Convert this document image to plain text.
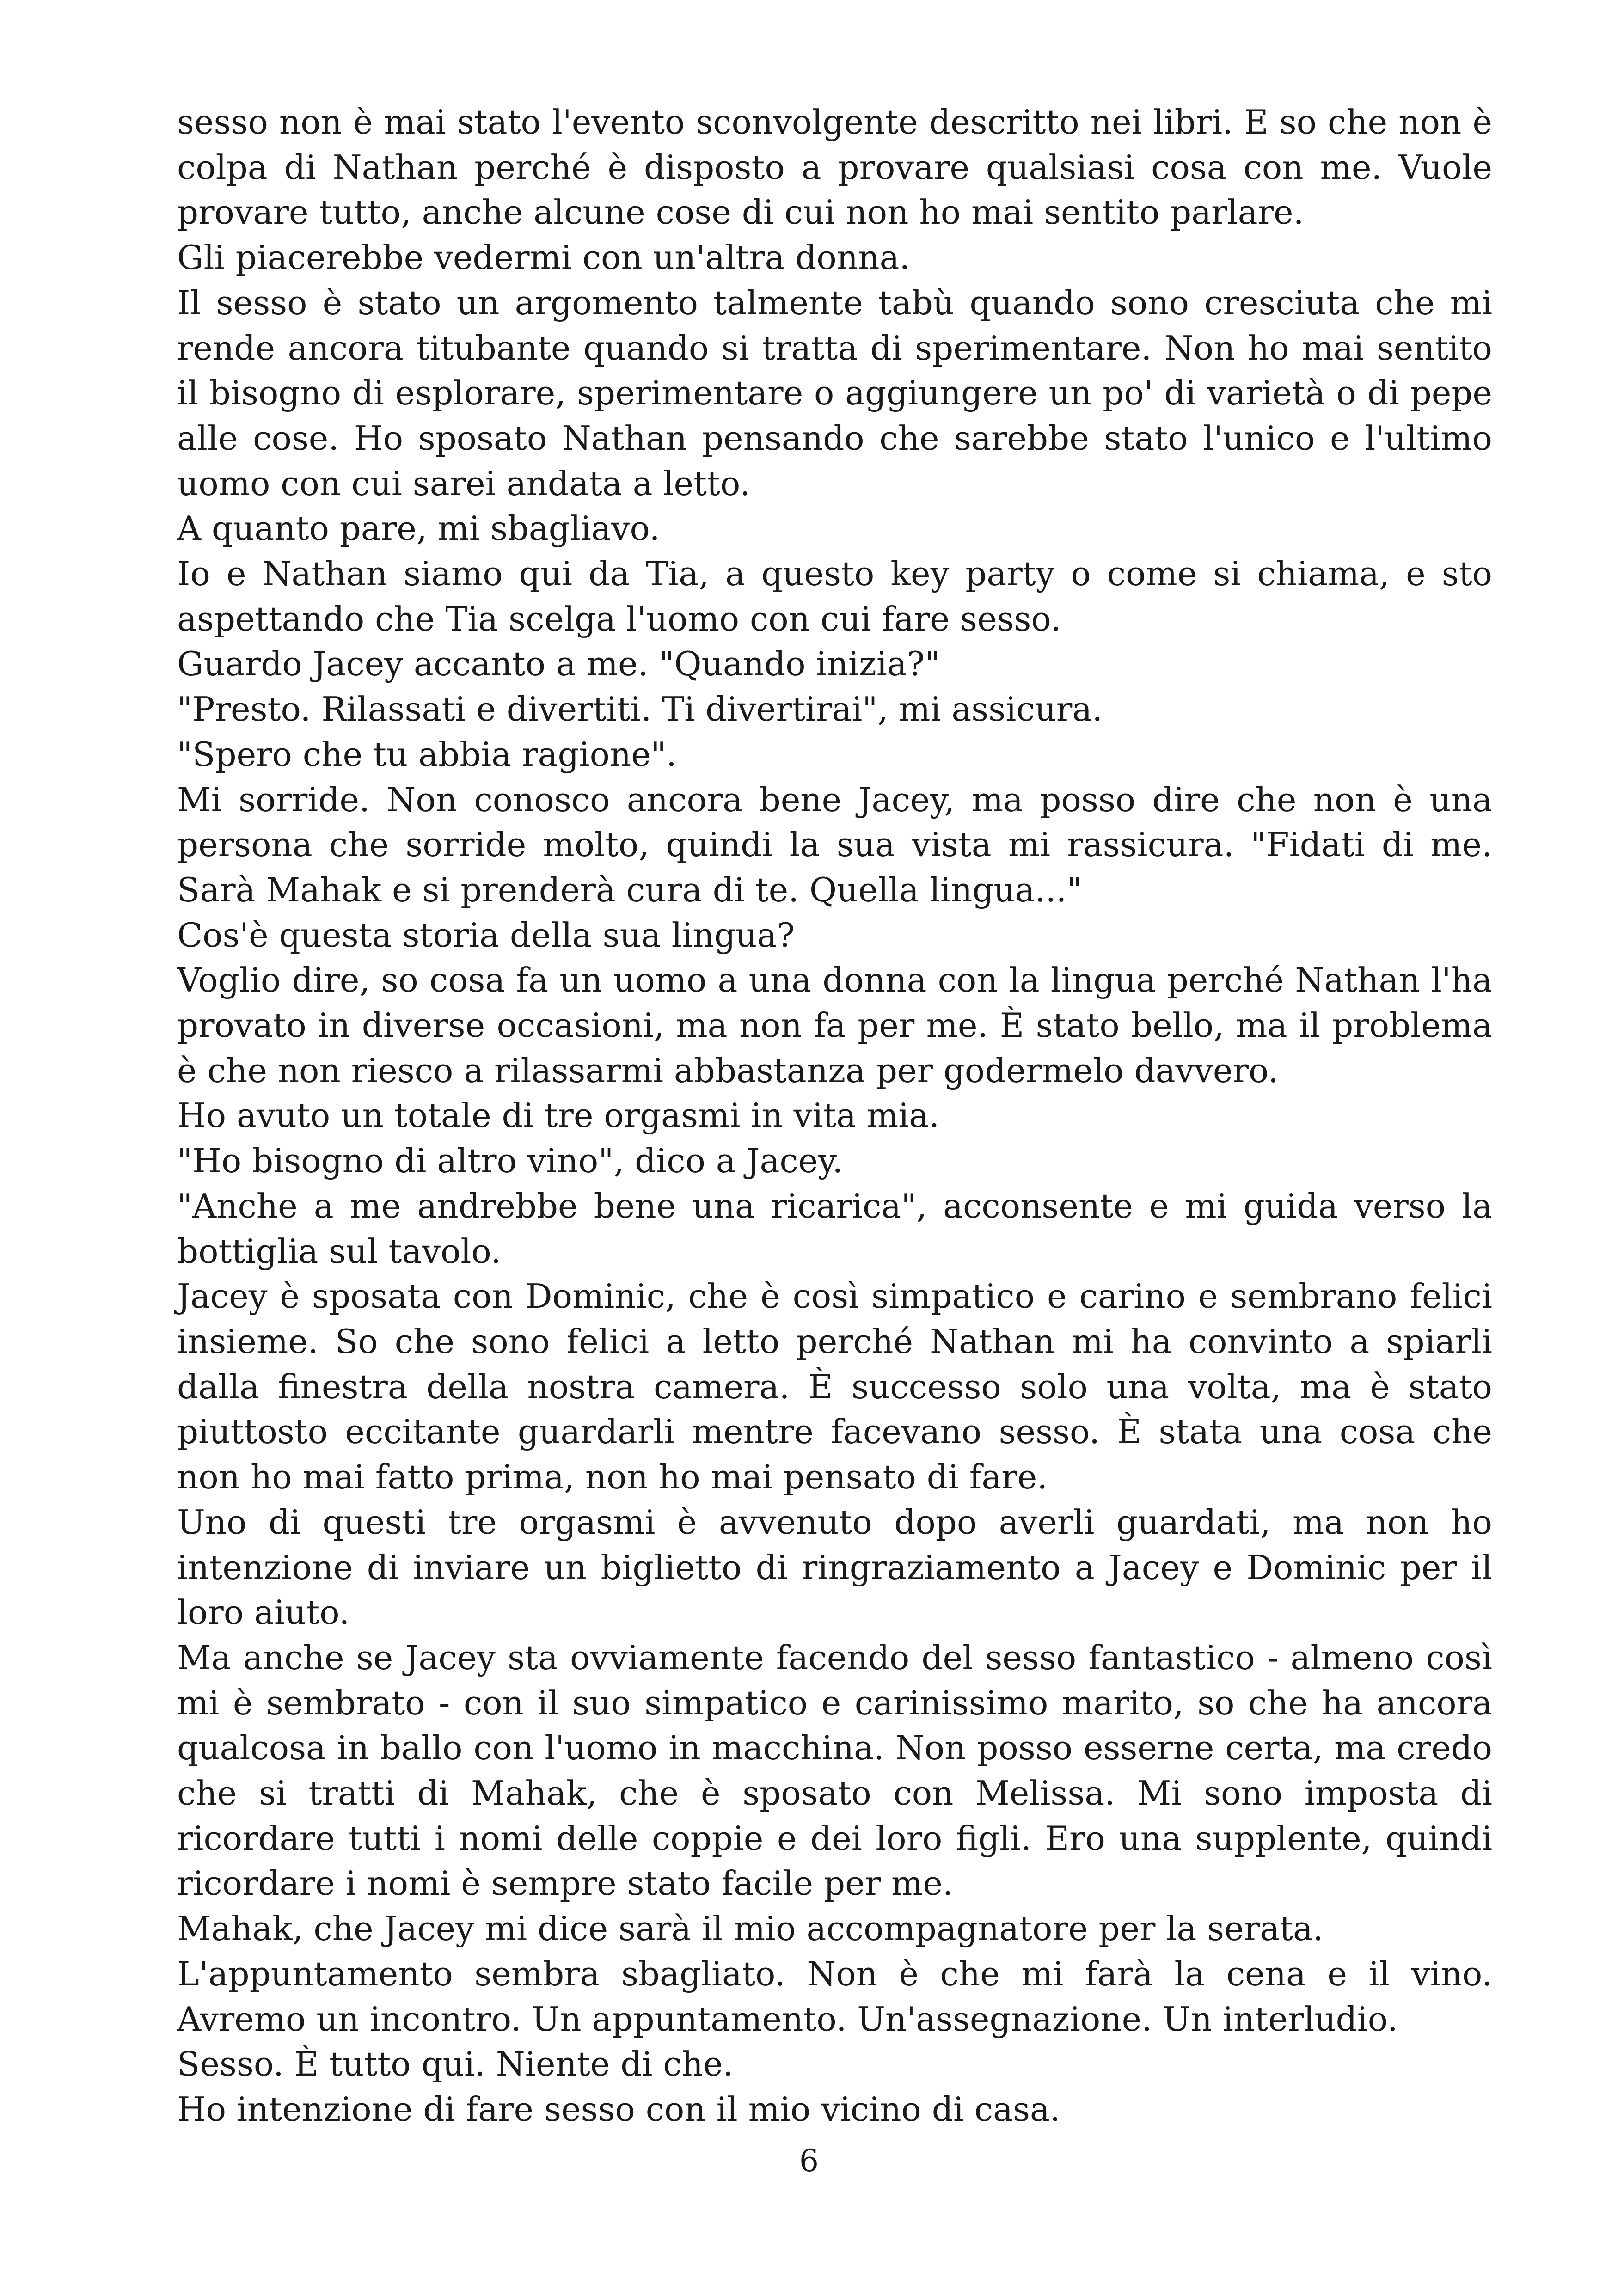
sesso non è mai stato l'evento sconvolgente descritto nei libri. E so che non è colpa di Nathan perché è disposto a provare qualsiasi cosa con me. Vuole provare tutto, anche alcune cose di cui non ho mai sentito parlare.

Gli piacerebbe vedermi con un'altra donna.

Il sesso è stato un argomento talmente tabù quando sono cresciuta che mi rende ancora titubante quando si tratta di sperimentare. Non ho mai sentito il bisogno di esplorare, sperimentare o aggiungere un po' di varietà o di pepe alle cose. Ho sposato Nathan pensando che sarebbe stato l'unico e l'ultimo uomo con cui sarei andata a letto.

A quanto pare, mi sbagliavo.

Io e Nathan siamo qui da Tia, a questo key party o come si chiama, e sto aspettando che Tia scelga l'uomo con cui fare sesso.

Guardo Jacey accanto a me. "Quando inizia?"

"Presto. Rilassati e divertiti. Ti divertirai", mi assicura.

"Spero che tu abbia ragione".

Mi sorride. Non conosco ancora bene Jacey, ma posso dire che non è una persona che sorride molto, quindi la sua vista mi rassicura. "Fidati di me. Sarà Mahak e si prenderà cura di te. Quella lingua..."

Cos'è questa storia della sua lingua?

Voglio dire, so cosa fa un uomo a una donna con la lingua perché Nathan l'ha provato in diverse occasioni, ma non fa per me. È stato bello, ma il problema è che non riesco a rilassarmi abbastanza per godermelo davvero.

Ho avuto un totale di tre orgasmi in vita mia.

"Ho bisogno di altro vino", dico a Jacey.

"Anche a me andrebbe bene una ricarica", acconsente e mi guida verso la bottiglia sul tavolo.

Jacey è sposata con Dominic, che è così simpatico e carino e sembrano felici insieme. So che sono felici a letto perché Nathan mi ha convinto a spiarli dalla finestra della nostra camera. È successo solo una volta, ma è stato piuttosto eccitante guardarli mentre facevano sesso. È stata una cosa che non ho mai fatto prima, non ho mai pensato di fare.

Uno di questi tre orgasmi è avvenuto dopo averli guardati, ma non ho intenzione di inviare un biglietto di ringraziamento a Jacey e Dominic per il loro aiuto.

Ma anche se Jacey sta ovviamente facendo del sesso fantastico - almeno così mi è sembrato - con il suo simpatico e carinissimo marito, so che ha ancora qualcosa in ballo con l'uomo in macchina. Non posso esserne certa, ma credo che si tratti di Mahak, che è sposato con Melissa. Mi sono imposta di ricordare tutti i nomi delle coppie e dei loro figli. Ero una supplente, quindi ricordare i nomi è sempre stato facile per me.

Mahak, che Jacey mi dice sarà il mio accompagnatore per la serata.

L'appuntamento sembra sbagliato. Non è che mi farà la cena e il vino. Avremo un incontro. Un appuntamento. Un'assegnazione. Un interludio.

Sesso. È tutto qui. Niente di che.

Ho intenzione di fare sesso con il mio vicino di casa.

6
